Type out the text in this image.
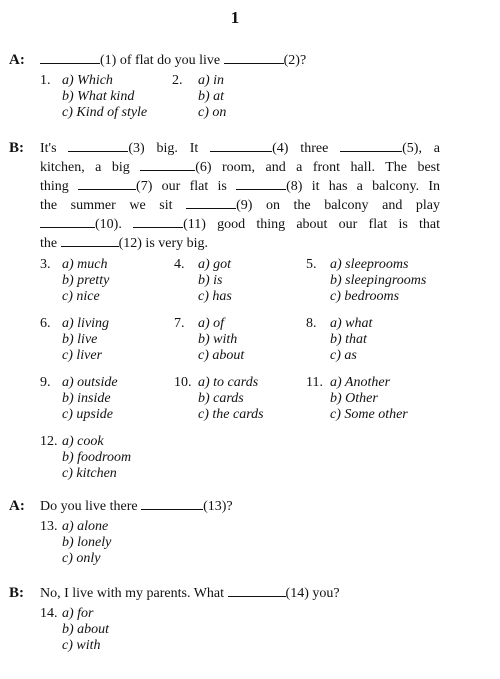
1
A:	(1) of flat do you live	(2)?
1. a) Which
b) What kind
c) Kind of style
2. a) in
b) at
c) on
B: It's	(3) big. It	(4) three	(5), a
kitchen, a big	(6) room, and a front hall. The best
thing	(7) our flat is	(8) it has a balcony. In
the summer we sit	(9) on the balcony and play
(10).	(11) good thing about our flat is that
the	(12) is very big.
3. a) much
b) pretty
c) nice
4. a) got
b) is
c) has
5. a) sleeprooms
b) sleepingrooms
c) bedrooms
6. a) living
b) live
c) liver
7. a) of
b) with
c) about
8. a) what
b) that
c) as
9. a) outside
b) inside
c) upside
10. a) to cards
b) cards
c) the cards
11. a) Another
b) Other
c) Some other
12. a) cook
b) foodroom
c) kitchen
A: Do you live there	(13)?
13. a) alone
b) lonely
c) only
B: No, I live with my parents. What	(14) you?
14. a) for
b) about
c) with
